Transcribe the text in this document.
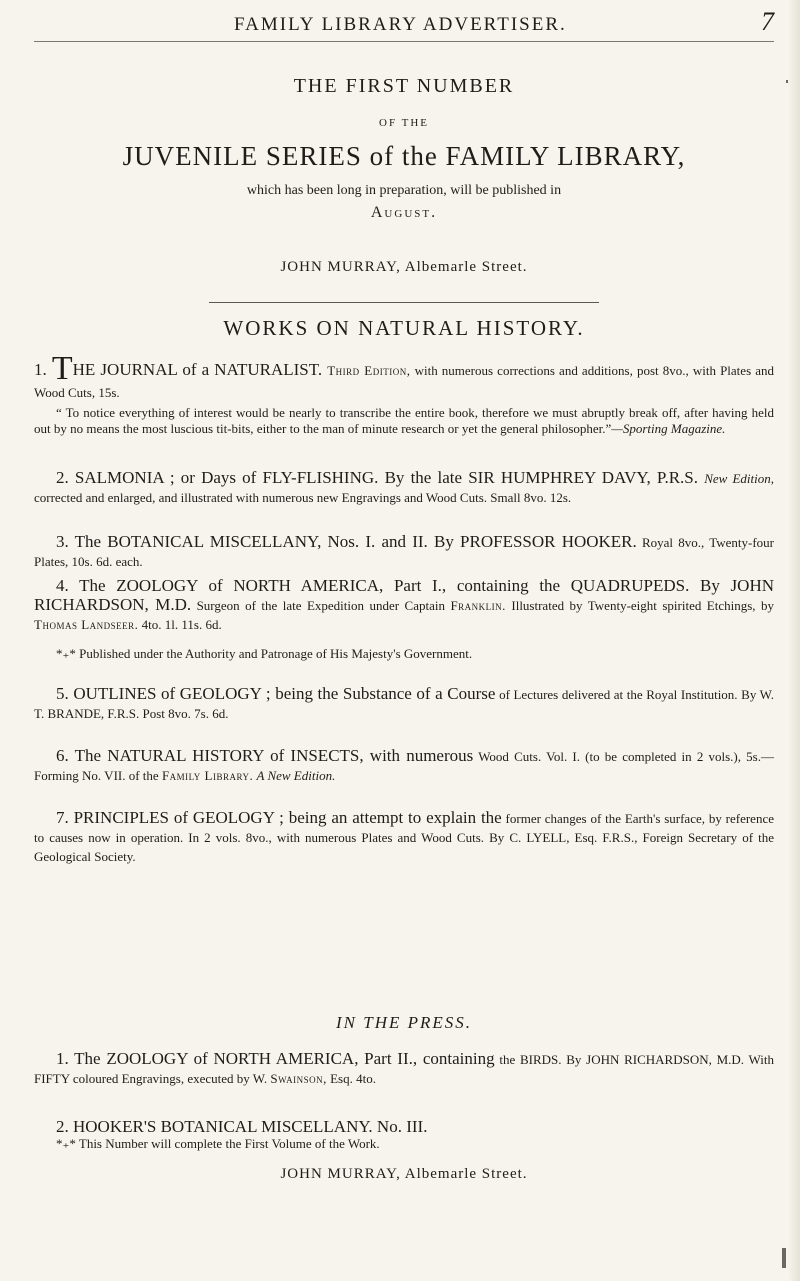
FAMILY LIBRARY ADVERTISER.	7
THE FIRST NUMBER
OF THE
JUVENILE SERIES of the FAMILY LIBRARY,
which has been long in preparation, will be published in
August.
JOHN MURRAY, Albemarle Street.
WORKS ON NATURAL HISTORY.

1. THE JOURNAL of a NATURALIST. Third Edition, with numerous corrections and additions, post 8vo., with Plates and Wood Cuts, 15s.

“ To notice everything of interest would be nearly to transcribe the entire book, therefore we must abruptly break off, after having held out by no means the most luscious tit-bits, either to the man of minute research or yet the general philosopher.”—Sporting Magazine.

2. SALMONIA ; or Days of FLY-FLISHING. By the late SIR HUMPHREY DAVY, P.R.S. New Edition, corrected and enlarged, and illustrated with numerous new Engravings and Wood Cuts. Small 8vo. 12s.

3. The BOTANICAL MISCELLANY, Nos. I. and II. By PROFESSOR HOOKER. Royal 8vo., Twenty-four Plates, 10s. 6d. each.

4. The ZOOLOGY of NORTH AMERICA, Part I., containing the QUADRUPEDS. By JOHN RICHARDSON, M.D. Surgeon of the late Expedition under Captain Franklin. Illustrated by Twenty-eight spirited Etchings, by Thomas Landseer. 4to. 1l. 11s. 6d.

*₊* Published under the Authority and Patronage of His Majesty's Government.

5. OUTLINES of GEOLOGY ; being the Substance of a Course of Lectures delivered at the Royal Institution. By W. T. BRANDE, F.R.S. Post 8vo. 7s. 6d.

6. The NATURAL HISTORY of INSECTS, with numerous Wood Cuts. Vol. I. (to be completed in 2 vols.), 5s.—Forming No. VII. of the Family Library. A New Edition.

7. PRINCIPLES of GEOLOGY ; being an attempt to explain the former changes of the Earth's surface, by reference to causes now in operation. In 2 vols. 8vo., with numerous Plates and Wood Cuts. By C. LYELL, Esq. F.R.S., Foreign Secretary of the Geological Society.

IN THE PRESS.

1. The ZOOLOGY of NORTH AMERICA, Part II., containing the BIRDS. By JOHN RICHARDSON, M.D. With FIFTY coloured Engravings, executed by W. Swainson, Esq. 4to.

2. HOOKER'S BOTANICAL MISCELLANY. No. III.

*₊* This Number will complete the First Volume of the Work.

JOHN MURRAY, Albemarle Street.
